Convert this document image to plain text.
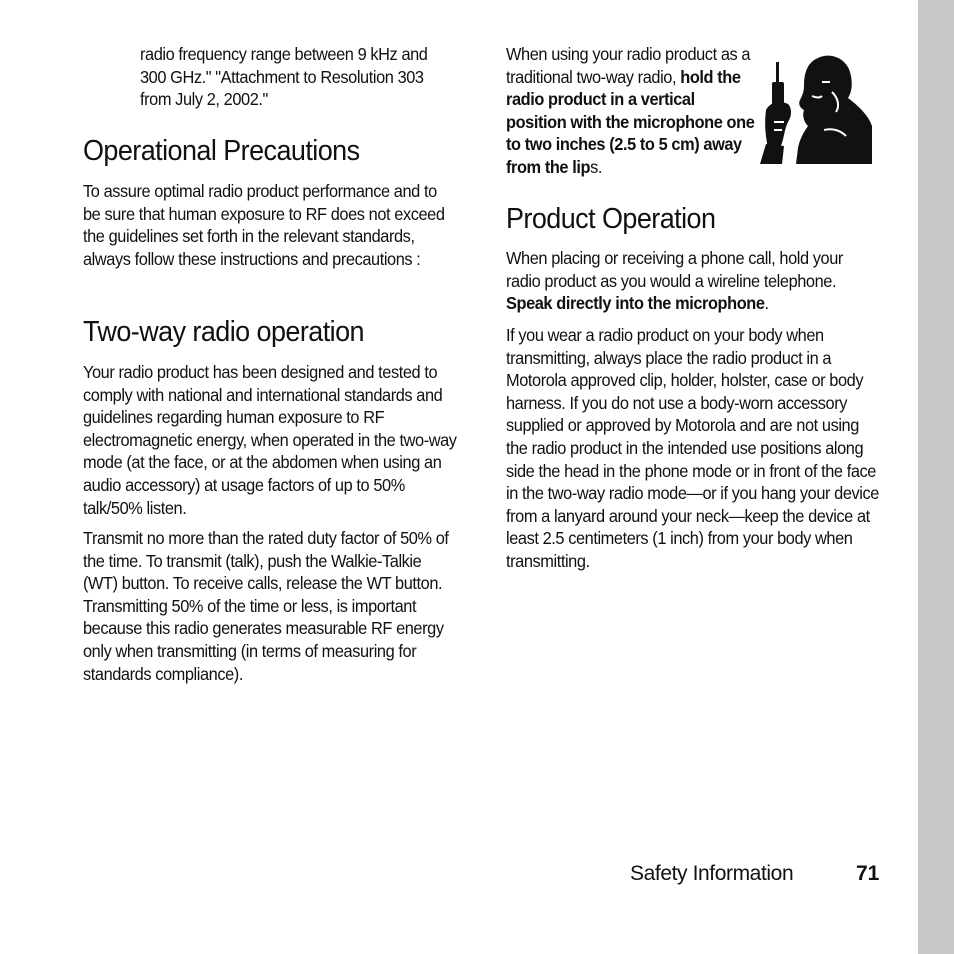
radio frequency range between 9 kHz and 300 GHz." "Attachment to Resolution 303 from July 2, 2002."

Operational Precautions

To assure optimal radio product performance and to be sure that human exposure to RF does not exceed the guidelines set forth in the relevant standards, always follow these instructions and precautions :

Two-way radio operation

Your radio product has been designed and tested to comply with national and international standards and guidelines regarding human exposure to RF electromagnetic energy, when operated in the two-way mode (at the face, or at the abdomen when using an audio accessory) at usage factors of up to 50% talk/50% listen.

Transmit no more than the rated duty factor of 50% of the time. To transmit (talk), push the Walkie-Talkie (WT) button. To receive calls, release the WT button. Transmitting 50% of the time or less, is important because this radio generates measurable RF energy only when transmitting (in terms of measuring for standards compliance).

When using your radio product as a traditional two-way radio, hold the radio product in a vertical position with the microphone one to two inches (2.5 to 5 cm) away from the lips.

Product Operation

When placing or receiving a phone call, hold your radio product as you would a wireline telephone. Speak directly into the microphone.

If you wear a radio product on your body when transmitting, always place the radio product in a Motorola approved clip, holder, holster, case or body harness. If you do not use a body-worn accessory supplied or approved by Motorola and are not using the radio product in the intended use positions along side the head in the phone mode or in front of the face in the two-way radio mode—or if you hang your device from a lanyard around your neck—keep the device at least 2.5 centimeters (1 inch) from your body when transmitting.

Safety Information	71
